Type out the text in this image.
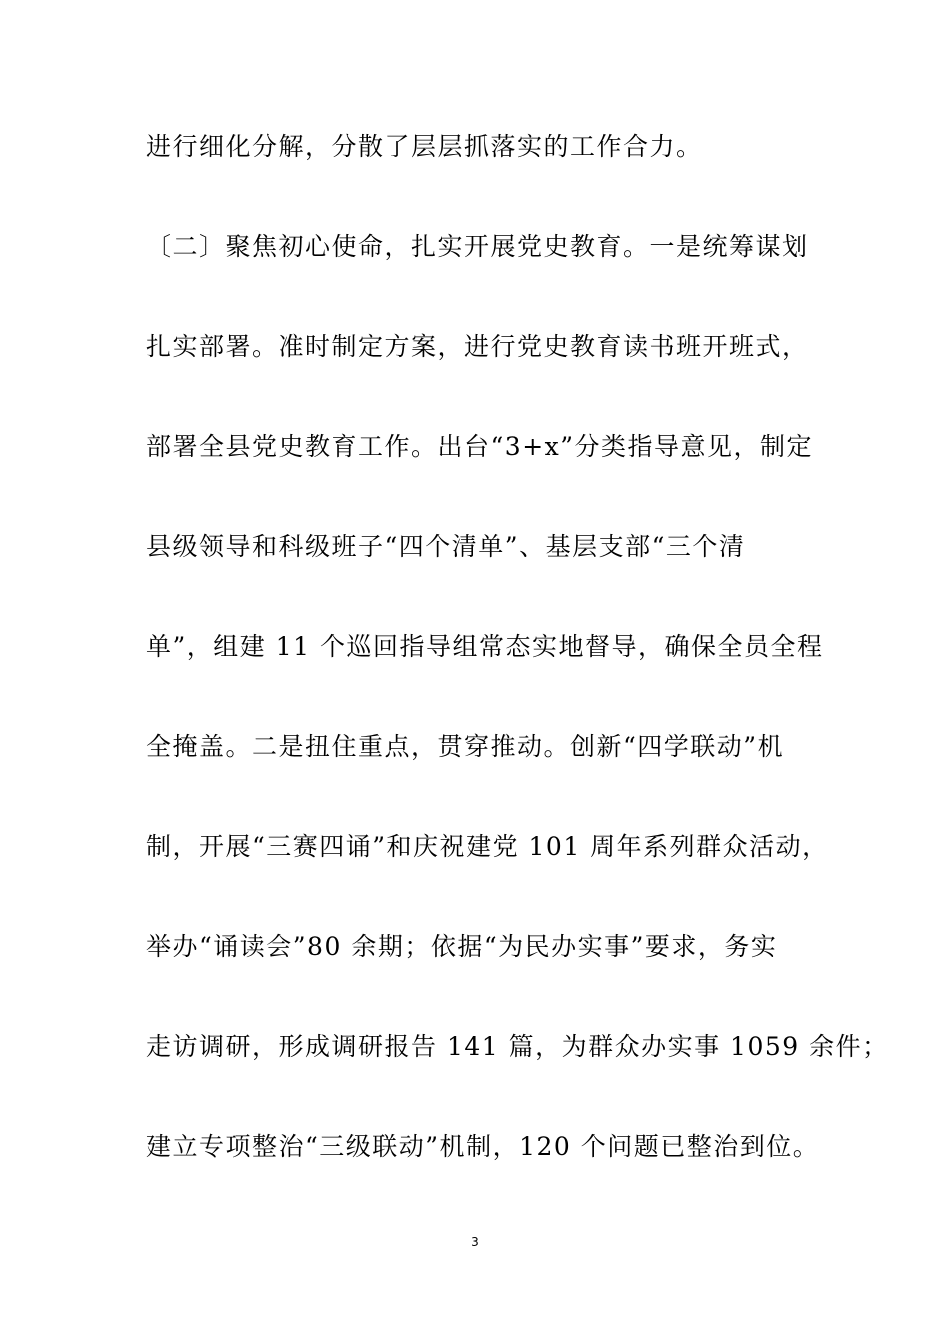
进行细化分解，分散了层层抓落实的工作合力。
〔二〕聚焦初心使命，扎实开展党史教育。一是统筹谋划
扎实部署。准时制定方案，进行党史教育读书班开班式，
部署全县党史教育工作。出台“3+x”分类指导意见，制定
县级领导和科级班子“四个清单”、基层支部“三个清
单”，组建 11 个巡回指导组常态实地督导，确保全员全程
全掩盖。二是扭住重点，贯穿推动。创新“四学联动”机
制，开展“三赛四诵”和庆祝建党 101 周年系列群众活动，
举办“诵读会”80 余期；依据“为民办实事”要求，务实
走访调研，形成调研报告 141 篇，为群众办实事 1059 余件；
建立专项整治“三级联动”机制，120 个问题已整治到位。
3
